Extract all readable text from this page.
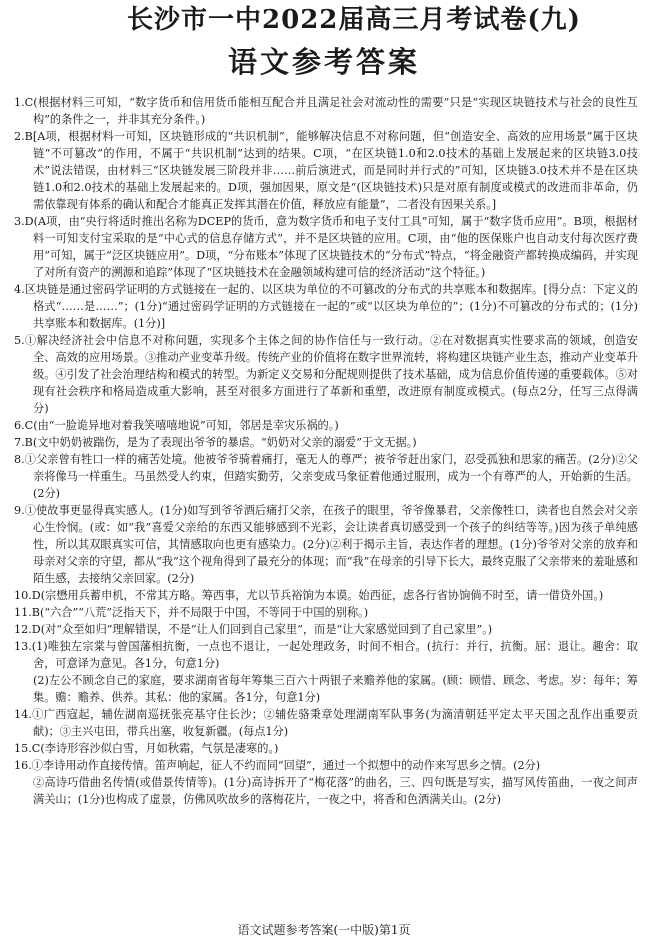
长沙市一中2022届高三月考试卷(九)
语文参考答案

1.C(根据材料三可知，“数字货币和信用货币能相互配合并且满足社会对流动性的需要”只是“实现区块链技术与社会的良性互构”的条件之一，并非其充分条件。)

2.B[A项，根据材料一可知，区块链形成的“共识机制”，能够解决信息不对称问题，但“创造安全、高效的应用场景”属于区块链“不可篡改”的作用，不属于“共识机制”达到的结果。C项，“在区块链1.0和2.0技术的基础上发展起来的区块链3.0技术”说法错误，由材料三“区块链发展三阶段并非……前后演进式，而是同时并行式的”可知，区块链3.0技术并不是在区块链1.0和2.0技术的基础上发展起来的。D项，强加因果，原文是“(区块链技术)只是对原有制度或模式的改进而非革命，仍需依靠现有体系的确认和配合才能真正发挥其潜在价值，释放应有能量”，二者没有因果关系。]

3.D(A项，由“央行将适时推出名称为DCEP的货币，意为数字货币和电子支付工具”可知，属于“数字货币应用”。B项，根据材料一可知支付宝采取的是“中心式的信息存储方式”，并不是区块链的应用。C项，由“他的医保账户也自动支付每次医疗费用”可知，属于“泛区块链应用”。D项，“分布账本”体现了区块链技术的“分布式”特点，“将金融资产都转换成编码，并实现了对所有资产的溯源和追踪”体现了“区块链技术在金融领域构建可信的经济活动”这个特征。)

4.区块链是通过密码学证明的方式链接在一起的、以区块为单位的不可篡改的分布式的共享账本和数据库。[得分点：下定义的格式“……是……”；(1分)“通过密码学证明的方式链接在一起的”或“以区块为单位的”；(1分)不可篡改的分布式的；(1分)共享账本和数据库。(1分)]

5.①解决经济社会中信息不对称问题，实现多个主体之间的协作信任与一致行动。②在对数据真实性要求高的领域，创造安全、高效的应用场景。③推动产业变革升级。传统产业的价值将在数字世界流转，将构建区块链产业生态，推动产业变革升级。④引发了社会治理结构和模式的转型。为新定义交易和分配规则提供了技术基础，成为信息价值传递的重要载体。⑤对现有社会秩序和格局造成重大影响，甚至对很多方面进行了革新和重塑，改进原有制度或模式。(每点2分，任写三点得满分)

6.C(由“一脸诡异地对着我笑嘻嘻地说”可知，邻居是幸灾乐祸的。)

7.B(文中奶奶被踹伤，是为了表现出爷爷的暴虐。“奶奶对父亲的溺爱”于文无据。)

8.①父亲曾有牲口一样的痛苦处境。他被爷爷骑着痛打，毫无人的尊严；被爷爷赶出家门，忍受孤独和思家的痛苦。(2分)②父亲将像马一样重生。马虽然受人约束，但踏实勤劳，父亲变成马象征着他通过服刑，成为一个有尊严的人，开始新的生活。(2分)

9.①使故事更显得真实感人。(1分)如写到爷爷酒后痛打父亲，在孩子的眼里，爷爷像暴君，父亲像牲口，读者也自然会对父亲心生怜悯。(或：如“我”喜爱父亲给的东西又能够感到不光彩，会让读者真切感受到一个孩子的纠结等等。)因为孩子单纯感性，所以其双眼真实可信，其情感取向也更有感染力。(2分)②利于揭示主旨，表达作者的理想。(1分)爷爷对父亲的放弃和母亲对父亲的守望，都从“我”这个视角得到了最充分的体现；而“我”在母亲的引导下长大，最终克服了父亲带来的羞耻感和陌生感，去接纳父亲回家。(2分)

10.D(宗懋用兵蓄申机，不常其方略。筹西事，尤以节兵裕饷为本谟。始西征，虑各行省协饷倘不时至，请一借贷外国。)

11.B(“六合”“八荒”泛指天下，并不局限于中国，不等同于中国的别称。)

12.D(对“众至如归”理解错误，不是“让人们回到自己家里”，而是“让大家感觉回到了自己家里”。)

13.(1)唯独左宗棠与曾国藩相抗衡，一点也不退让，一起处理政务，时间不相合。(抗行：并行，抗衡。屈：退让。趣舍：取舍，可意译为意见。各1分，句意1分)

(2)左公不顾念自己的家庭，要求湖南省每年筹集三百六十两银子来赡养他的家属。(顾：顾惜、顾念、考虑。岁：每年；筹集。赡：赡养、供养。其私：他的家属。各1分，句意1分)

14.①广西寇起，辅佐湖南巡抚张亮基守住长沙；②辅佐骆秉章处理湖南军队事务(为滴清朝廷平定太平天国之乱作出重要贡献)；③主兴屯田，带兵出塞，收复新疆。(每点1分)

15.C(李诗形容沙似白雪，月如秋霜，气氛是凄寒的。)

16.①李诗用动作直接传情。笛声响起，征人不约而同“回望”，通过一个拟想中的动作来写思乡之情。(2分)

②高诗巧借曲名传情(或借景传情等)。(1分)高诗拆开了“梅花落”的曲名，三、四句既是写实，描写风传笛曲，一夜之间声满关山；(1分)也构成了虚景，仿佛风吹故乡的落梅花片，一夜之中，将香和色洒满关山。(2分)

语文试题参考答案(一中版)第1页
